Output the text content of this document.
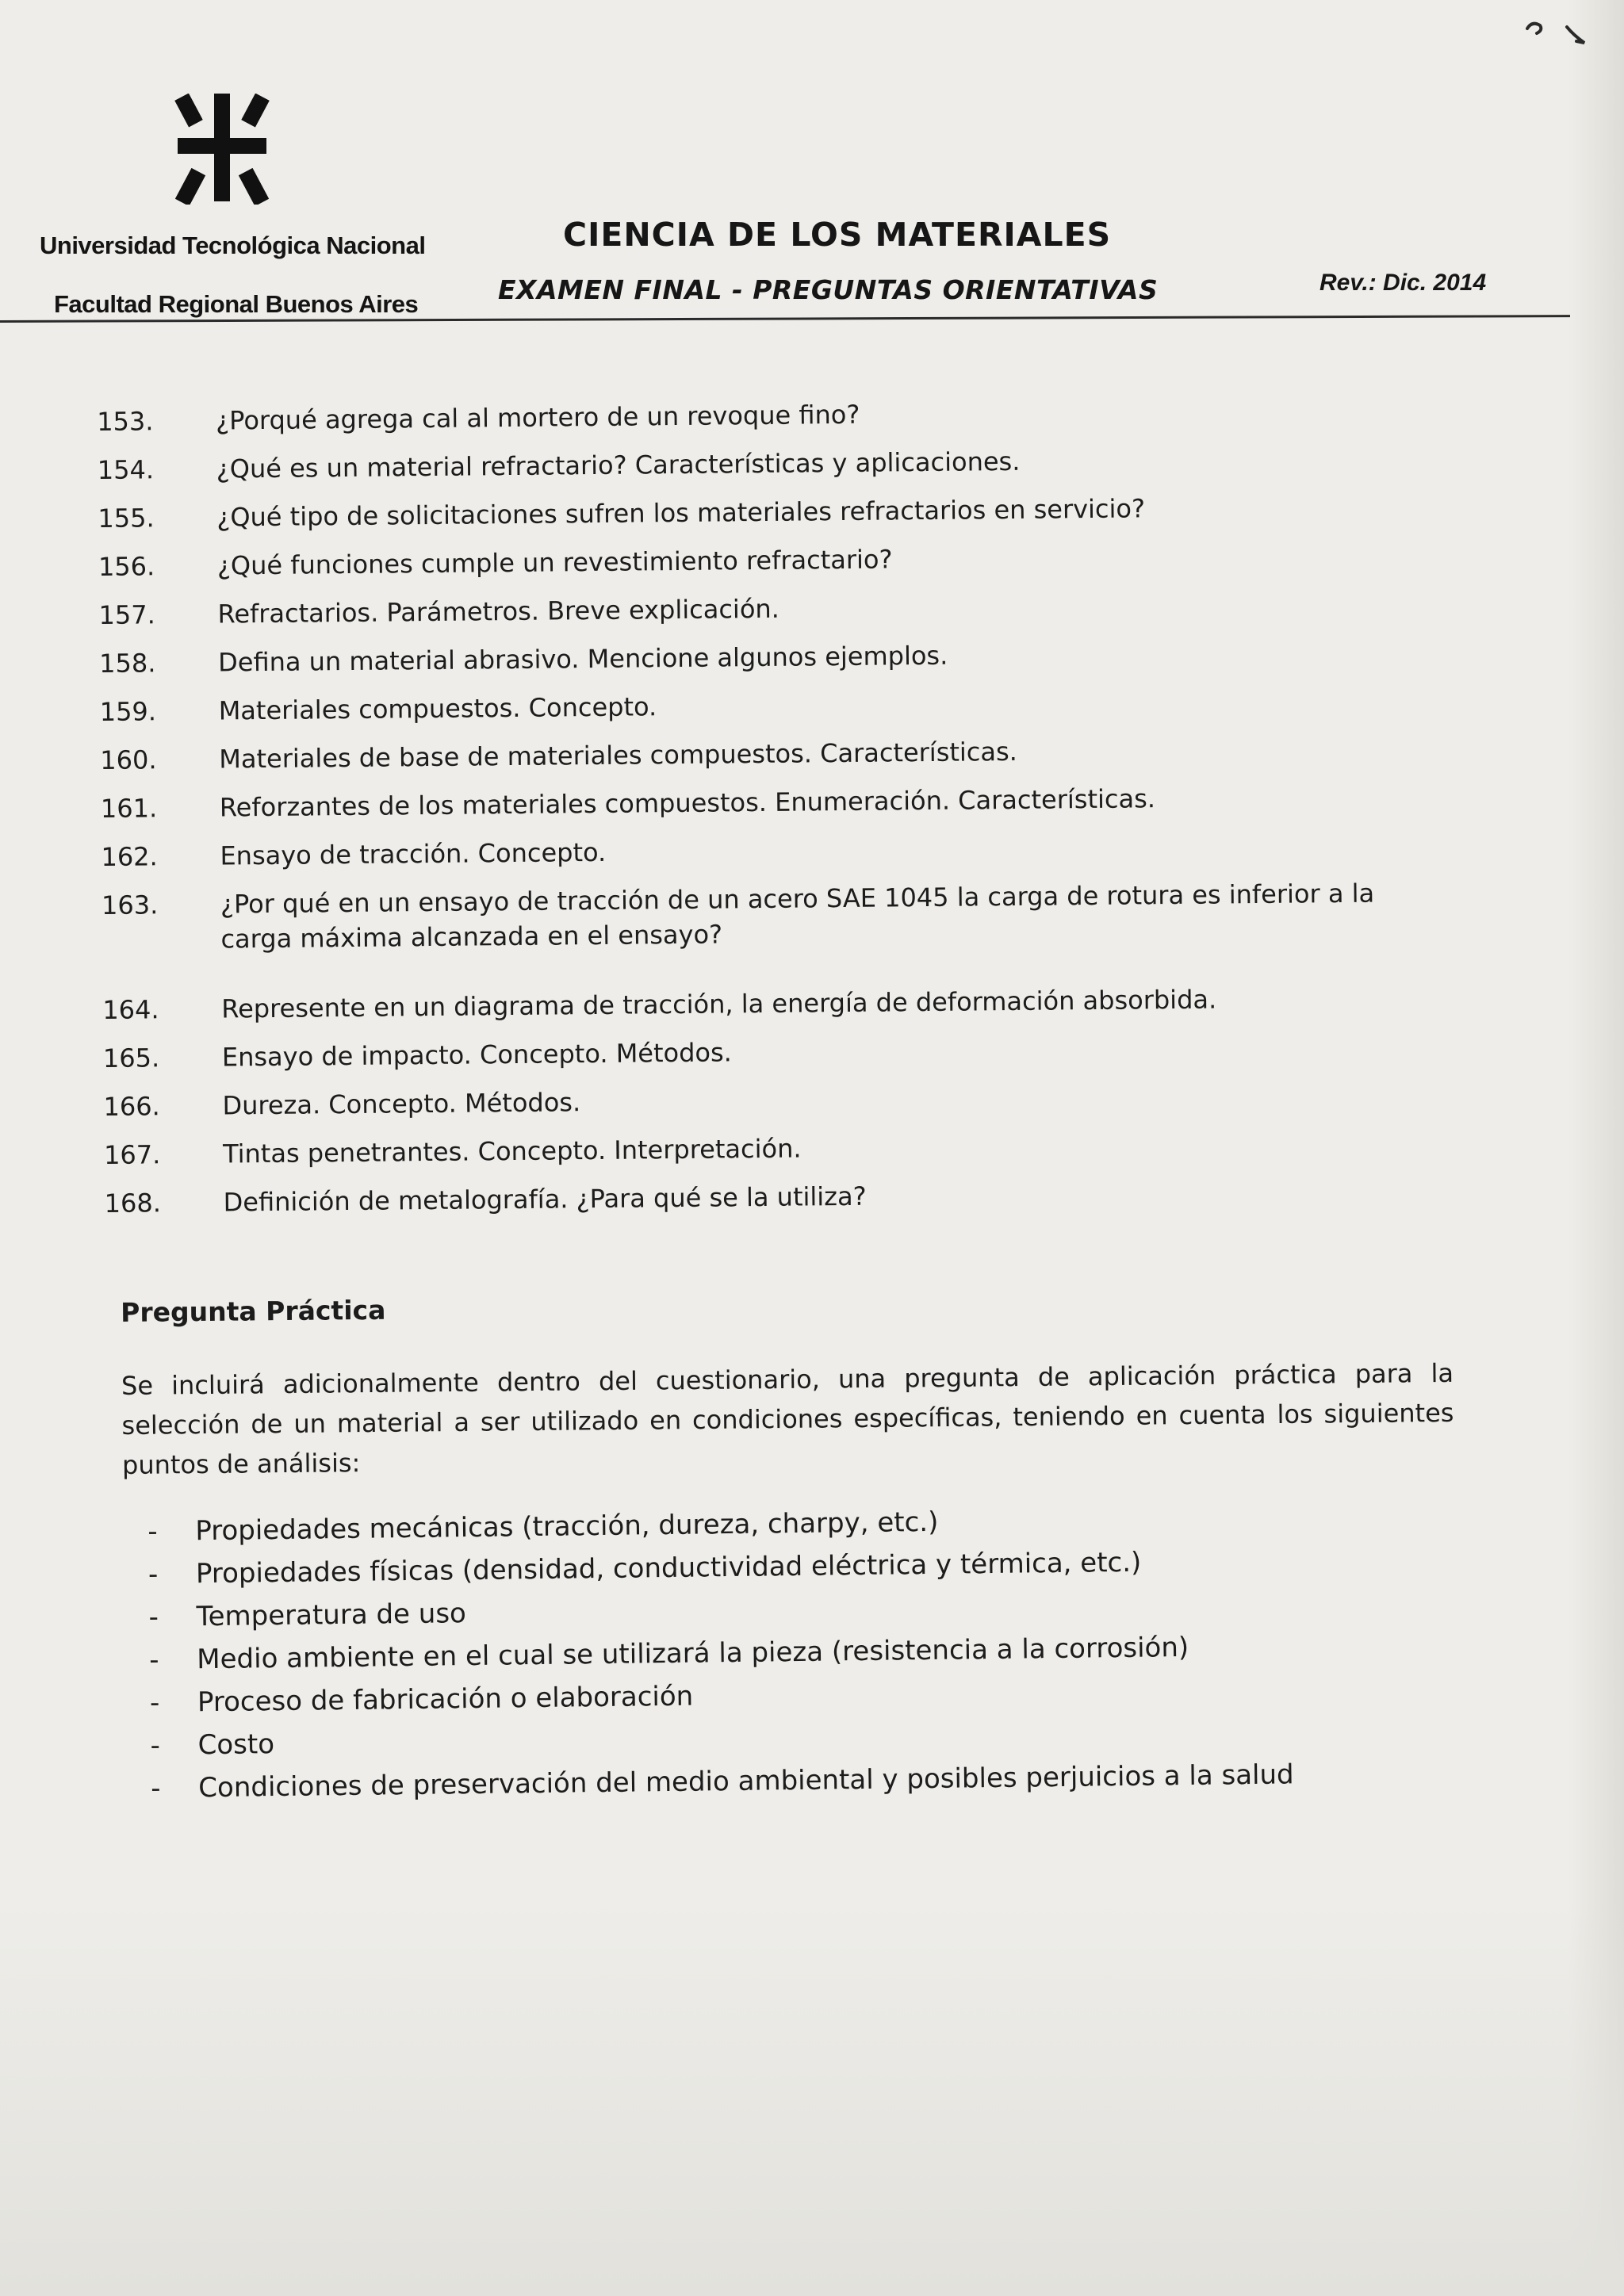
Universidad Tecnológica Nacional
Facultad Regional Buenos Aires
CIENCIA DE LOS MATERIALES
EXAMEN FINAL - PREGUNTAS ORIENTATIVAS	Rev.: Dic. 2014
153.	¿Porqué agrega cal al mortero de un revoque fino?
154.	¿Qué es un material refractario? Características y aplicaciones.
155.	¿Qué tipo de solicitaciones sufren los materiales refractarios en servicio?
156.	¿Qué funciones cumple un revestimiento refractario?
157.	Refractarios. Parámetros. Breve explicación.
158.	Defina un material abrasivo. Mencione algunos ejemplos.
159.	Materiales compuestos. Concepto.
160.	Materiales de base de materiales compuestos. Características.
161.	Reforzantes de los materiales compuestos. Enumeración. Características.
162.	Ensayo de tracción. Concepto.
163.	¿Por qué en un ensayo de tracción de un acero SAE 1045 la carga de rotura es inferior a la carga máxima alcanzada en el ensayo?
164.	Represente en un diagrama de tracción, la energía de deformación absorbida.
165.	Ensayo de impacto. Concepto. Métodos.
166.	Dureza. Concepto. Métodos.
167.	Tintas penetrantes. Concepto. Interpretación.
168.	Definición de metalografía. ¿Para qué se la utiliza?
Pregunta Práctica

Se incluirá adicionalmente dentro del cuestionario, una pregunta de aplicación práctica para la selección de un material a ser utilizado en condiciones específicas, teniendo en cuenta los siguientes puntos de análisis:

-	Propiedades mecánicas (tracción, dureza, charpy, etc.)
-	Propiedades físicas (densidad, conductividad eléctrica y térmica, etc.)
-	Temperatura de uso
-	Medio ambiente en el cual se utilizará la pieza (resistencia a la corrosión)
-	Proceso de fabricación o elaboración
-	Costo
-	Condiciones de preservación del medio ambiental y posibles perjuicios a la salud
